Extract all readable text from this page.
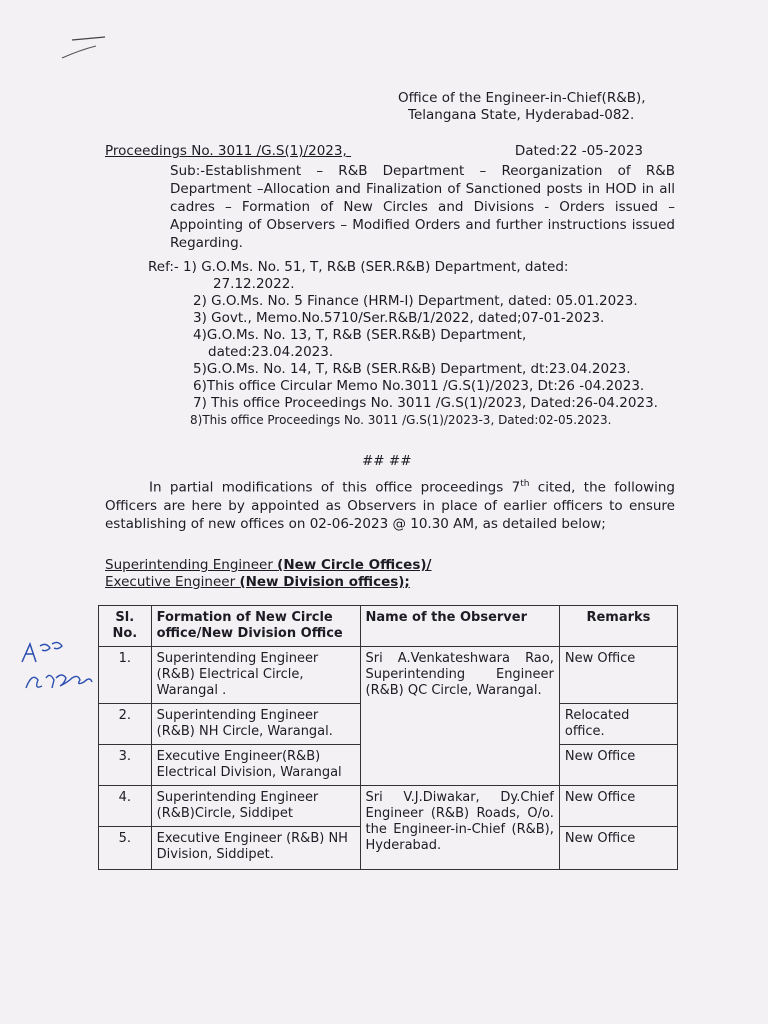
Office of the Engineer-in-Chief(R&B),
Telangana State, Hyderabad-082.
Proceedings No. 3011 /G.S(1)/2023,	Dated:22 -05-2023
Sub:-Establishment – R&B Department – Reorganization of R&B Department –Allocation and Finalization of Sanctioned posts in HOD in all cadres – Formation of New Circles and Divisions - Orders issued – Appointing of Observers – Modified Orders and further instructions issued Regarding.
Ref:- 1) G.O.Ms. No. 51, T, R&B (SER.R&B) Department, dated:
27.12.2022.
2) G.O.Ms. No. 5 Finance (HRM-I) Department, dated: 05.01.2023.
3) Govt., Memo.No.5710/Ser.R&B/1/2022, dated;07-01-2023.
4)G.O.Ms. No. 13, T, R&B (SER.R&B) Department,
dated:23.04.2023.
5)G.O.Ms. No. 14, T, R&B (SER.R&B) Department, dt:23.04.2023.
6)This office Circular Memo No.3011 /G.S(1)/2023, Dt:26 -04.2023.
7) This office Proceedings No. 3011 /G.S(1)/2023, Dated:26-04.2023.
8)This office Proceedings No. 3011 /G.S(1)/2023-3, Dated:02-05.2023.
## ##
In partial modifications of this office proceedings 7th cited, the following Officers are here by appointed as Observers in place of earlier officers to ensure establishing of new offices on 02-06-2023 @ 10.30 AM, as detailed below;
Superintending Engineer (New Circle Offices)/
Executive Engineer (New Division offices);
Sl. No.	Formation of New Circle office/New Division Office	Name of the Observer	Remarks
1.	Superintending Engineer (R&B) Electrical Circle, Warangal .	Sri A.Venkateshwara Rao, Superintending Engineer (R&B) QC Circle, Warangal.	New Office
2.	Superintending Engineer (R&B) NH Circle, Warangal.		Relocated office.
3.	Executive Engineer(R&B) Electrical Division, Warangal		New Office
4.	Superintending Engineer (R&B)Circle, Siddipet	Sri V.J.Diwakar, Dy.Chief Engineer (R&B) Roads, O/o. the Engineer-in-Chief (R&B), Hyderabad.	New Office
5.	Executive Engineer (R&B) NH Division, Siddipet.		New Office
